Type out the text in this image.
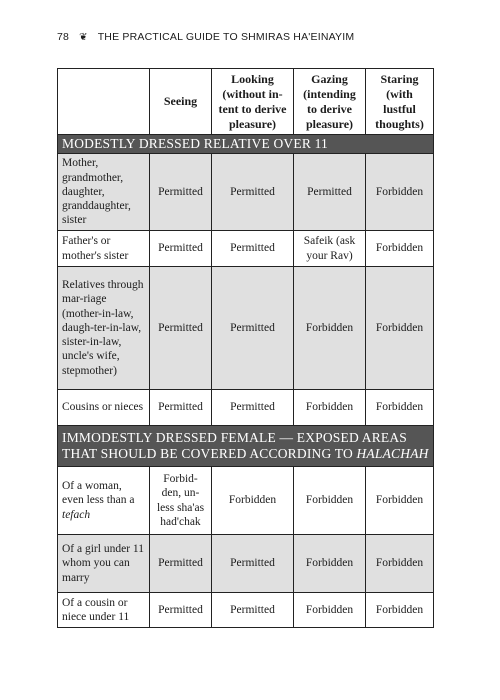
78 ❦ THE PRACTICAL GUIDE TO SHMIRAS HA'EINAYIM
	Seeing	Looking (without in-tent to derive pleasure)	Gazing (intending to derive pleasure)	Staring (with lustful thoughts)
MODESTLY DRESSED RELATIVE OVER 11				
Mother, grandmother, daughter, granddaughter, sister	Permitted	Permitted	Permitted	Forbidden
Father's or mother's sister	Permitted	Permitted	Safeik (ask your Rav)	Forbidden
Relatives through mar-riage (mother-in-law, daugh-ter-in-law, sister-in-law, uncle's wife, stepmother)	Permitted	Permitted	Forbidden	Forbidden
Cousins or nieces	Permitted	Permitted	Forbidden	Forbidden
IMMODESTLY DRESSED FEMALE — EXPOSED AREAS THAT SHOULD BE COVERED ACCORDING TO HALACHAH				
Of a woman, even less than a tefach	Forbid-den, un-less sha'as had'chak	Forbidden	Forbidden	Forbidden
Of a girl under 11 whom you can marry	Permitted	Permitted	Forbidden	Forbidden
Of a cousin or niece under 11	Permitted	Permitted	Forbidden	Forbidden
